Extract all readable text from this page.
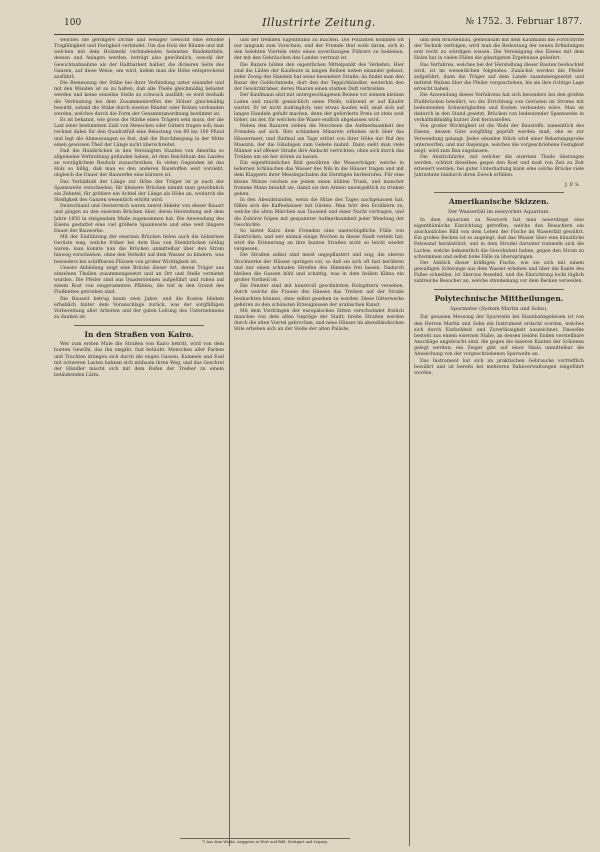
100	Illustrirte Zeitung.	№ 1752. 3. Februar 1877.

welches die geringere Dichte und weniger Gewicht eine erhöhte Tragfähigkeit und Festigkeit verbindet. Um das Holz der Bäume und mit welchen mit dem Holzmehl verbindenden hemmten Bindemitteln, dessen und Anlagen werden, beträgt also gewöhnlich, sowohl der Gewichtsabnahme als der Haltbarkeit halber, die dickeren Seite des Ganzen, auf diese Weise, um wird, indem man die Höhe entsprechend ausführt.

Die Bemessung der Stäbe bei ihrer Verbindung unter einander und mit den Wänden ist so zu halten, daß alle Theile gleichmäßig belastet werden und keine einzelne Stelle zu schwach ausfällt; es wird deshalb die Verbindung bei dem Zusammentreffen der Hölzer gleichmäßig bewirkt, sobald die Stäbe durch eiserne Bänder oder Bolzen verbunden werden, welches durch die Form der Gesammtanordnung bestimmt ist.

Es ist bekannt, wie gross die Stärke eines Trägers sein muss, der die Last einer bestimmten Zahl von Menschen oder Gütern tragen soll; man rechnet dabei für den Quadratfuß eine Belastung von 80 bis 100 Pfund und legt die Abmessungen so fest, daß die Durchbiegung in der Mitte einen gewissen Theil der Länge nicht überschreitet.

Daß die Holzbrücken in den Vereinigten Staaten von Amerika so allgemeine Verbreitung gefunden haben, ist dem Reichthum des Landes an vorzüglichem Bauholz zuzuschreiben. In vielen Gegenden ist das Holz so billig, daß man es den anderen Baustoffen weit vorzieht, obgleich die Dauer der Bauwerke eine kürzere ist.

Das Verhältniß der Länge zur Höhe der Träger ist je nach der Spannweite verschieden; für kleinere Brücken nimmt man gewöhnlich ein Zehntel, für größere ein Achtel der Länge als Höhe an, wodurch die Steifigkeit des Ganzen wesentlich erhöht wird.

Deutschland und Oesterreich waren zuerst Abkehr von dieser Bauart und gingen zu den eisernen Brücken über, deren Herstellung seit dem Jahre 1850 in steigendem Maße zugenommen hat. Die Anwendung des Eisens gestattet eine viel größere Spannweite und eine weit längere Dauer der Bauwerke.

Mit der Einführung der eisernen Brücken fielen auch die hölzernen Gerüste weg, welche früher bei dem Bau von Steinbrücken nöthig waren; man konnte nun die Brücken unmittelbar über den Strom hinweg vorschieben, ohne den Verkehr auf dem Wasser zu hindern, was besonders bei schiffbaren Flüssen von großer Wichtigkeit ist.

Unsere Abbildung zeigt eine Brücke dieser Art, deren Träger aus einzelnen Theilen zusammengesetzt und an Ort und Stelle vernietet wurden. Die Pfeiler sind aus Quadersteinen aufgeführt und ruhen auf einem Rost von eingerammten Pfählen, die tief in den Grund des Flußbettes getrieben sind.

Die Bauzeit betrug kaum zwei Jahre, und die Kosten blieben erheblich hinter dem Voranschlage zurück, was der sorgfältigen Vorbereitung aller Arbeiten und der guten Leitung des Unternehmens zu danken ist.

In den Straßen von Kairo.

Wer zum ersten Male die Straßen von Kairo betritt, wird von dem bunten Gewühl, das ihn umgibt, fast betäubt. Menschen aller Farben und Trachten drängen sich durch die engen Gassen, Kameele und Esel mit schweren Lasten bahnen sich mühsam ihren Weg, und das Geschrei der Händler mischt sich mit dem Rufen der Treiber zu einem betäubenden Lärm.

und der fremden Eigenthums zu machen. Die Polizisten kommen oft nur langsam zum Vorschein, und der Fremde thut wohl daran, sich in den belebten Vierteln stets eines zuverlässigen Führers zu bedienen, der mit den Gebräuchen des Landes vertraut ist.

Die Bazare bilden den eigentlichen Mittelpunkt des Verkehrs. Hier sind die Läden der Kaufleute in langen Reihen neben einander gebaut, jeder Zweig des Handels hat seine besondere Straße; da findet man den Bazar der Goldschmiede, dort den der Teppichhändler, weiterhin den der Gewürzkrämer, deren Waaren einen starken Duft verbreiten.

Der Kaufmann sitzt mit untergeschlagenen Beinen vor seinem kleinen Laden und raucht gemächlich seine Pfeife, während er auf Käufer wartet. Er ist nicht zudringlich; wer etwas kaufen will, muß sich auf langes Handeln gefaßt machen, denn der geforderte Preis ist stets weit höher, als der, für welchen die Waare endlich abgelassen wird.

Neben den Bazaren ziehen die Moscheen die Aufmerksamkeit des Fremden auf sich. Ihre schlanken Minarets erheben sich über das Häusermeer, und fünfmal am Tage ertönt von ihrer Höhe der Ruf des Muezzin, der die Gläubigen zum Gebete mahnt. Dann sieht man viele Männer auf offener Straße ihre Andacht verrichten, ohne sich durch das Treiben um sie her stören zu lassen.

Ein eigenthümliches Bild gewähren die Wasserträger, welche in ledernen Schläuchen das Wasser des Nils in die Häuser tragen und mit dem Klappern ihrer Messingschalen die Durstigen herbeirufen. Für eine kleine Münze reichen sie jedem einen kühlen Trunk, und mancher fromme Mann bezahlt sie, damit sie den Armen unentgeltlich zu trinken geben.

In den Abendstunden, wenn die Hitze des Tages nachgelassen hat, füllen sich die Kaffeehäuser mit Gästen. Man hört den Erzählern zu, welche die alten Märchen aus Tausend und einer Nacht vortragen, und die Zuhörer folgen mit gespannter Aufmerksamkeit jeder Wendung der Geschichte.

So bietet Kairo dem Fremden eine unerschöpfliche Fülle von Eindrücken, und wer einmal einige Wochen in dieser Stadt verlebt hat, wird die Erinnerung an ihre bunten Straßen nicht so leicht wieder vergessen.

Die Straßen selbst sind meist ungepflastert und eng; die oberen Stockwerke der Häuser springen vor, so daß sie sich oft fast berühren und nur einen schmalen Streifen des Himmels frei lassen. Dadurch bleiben die Gassen kühl und schattig, was in dem heißen Klima ein großer Vortheil ist.

Die Fenster sind mit kunstvoll geschnitzten Holzgittern versehen, durch welche die Frauen des Hauses das Treiben auf der Straße beobachten können, ohne selbst gesehen zu werden. Diese Gitterwerke gehören zu den schönsten Erzeugnissen der arabischen Kunst.

Mit dem Vordringen der europäischen Sitten verschwindet freilich manches von dem alten Gepräge der Stadt; breite Straßen werden durch die alten Viertel gebrochen, und neue Häuser im abendländischen Stile erheben sich an der Stelle der alten Paläste.

und dem Brückenbau, gemeinsam mit dem Kaufmann die Fortschritte der Technik verfolgen, wird man die Bedeutung der neuen Erfindungen erst recht zu würdigen wissen. Die Vereinigung des Eisens mit dem Holze hat in vielen Fällen die günstigsten Ergebnisse geliefert.

Das Verfahren, welches bei der Herstellung dieser Bauten beobachtet wird, ist im wesentlichen folgendes: Zunächst werden die Pfeiler aufgeführt, dann die Träger auf dem Lande zusammengesetzt und mittelst Walzen über die Pfeiler vorgeschoben, bis sie ihre richtige Lage erreicht haben.

Die Anwendung dieses Verfahrens hat sich besonders bei den großen Flußbrücken bewährt, wo die Errichtung von Gerüsten im Strome mit bedeutenden Schwierigkeiten und Kosten verbunden wäre. Man ist dadurch in den Stand gesetzt, Brücken von bedeutender Spannweite in verhältnißmäßig kurzer Zeit herzustellen.

Von großer Wichtigkeit ist die Wahl der Baustoffe, namentlich des Eisens, dessen Güte sorgfältig geprüft werden muß, ehe es zur Verwendung gelangt. Jedes einzelne Stück wird einer Belastungsprobe unterworfen, und nur dasjenige, welches die vorgeschriebene Festigkeit zeigt, wird zum Bau zugelassen.

Die Anstrichfarbe, mit welcher die eisernen Theile überzogen werden, schützt dieselben gegen den Rost und muß von Zeit zu Zeit erneuert werden; bei guter Unterhaltung kann eine solche Brücke viele Jahrzehnte hindurch ihren Zweck erfüllen.

J. P. S.
Amerikanische Skizzen.
Der Wasserfall im newyorker Aquarium.

In dem Aquarium zu Newyork hat man neuerdings eine eigenthümliche Einrichtung getroffen, welche den Besuchern ein anschauliches Bild von dem Leben der Fische im Wasserfall gewährt. Ein großes Becken ist so angelegt, daß das Wasser über eine künstliche Felswand herabstürzt, und in dem Strudel darunter tummeln sich die Lachse, welche bekanntlich die Gewohnheit haben, gegen den Strom zu schwimmen und selbst hohe Fälle zu überspringen.

Der Anblick dieser kräftigen Fische, wie sie sich mit einem gewaltigen Schwunge aus dem Wasser erheben und über die Kante des Falles schnellen, ist überaus fesselnd, und die Einrichtung lockt täglich zahlreiche Besucher an, welche stundenlang vor dem Becken verweilen.

Polytechnische Mittheilungen.
Spurmeter (System Martin und Sohn).

Zur genauen Messung der Spurweite bei Eisenbahngeleisen ist von den Herren Martin und Sohn ein Instrument erdacht worden, welches sich durch Einfachheit und Zuverlässigkeit auszeichnet. Dasselbe besteht aus einem eisernen Stabe, an dessen beiden Enden verstellbare Anschläge angebracht sind, die gegen die inneren Kanten der Schienen gelegt werden; ein Zeiger gibt auf einer Skala unmittelbar die Abweichung von der vorgeschriebenen Spurweite an.

Das Instrument hat sich im praktischen Gebrauche vortrefflich bewährt und ist bereits bei mehreren Bahnverwaltungen eingeführt worden.

*) Aus dem Werke: Aegypten in Wort und Bild. Stuttgart und Leipzig.
